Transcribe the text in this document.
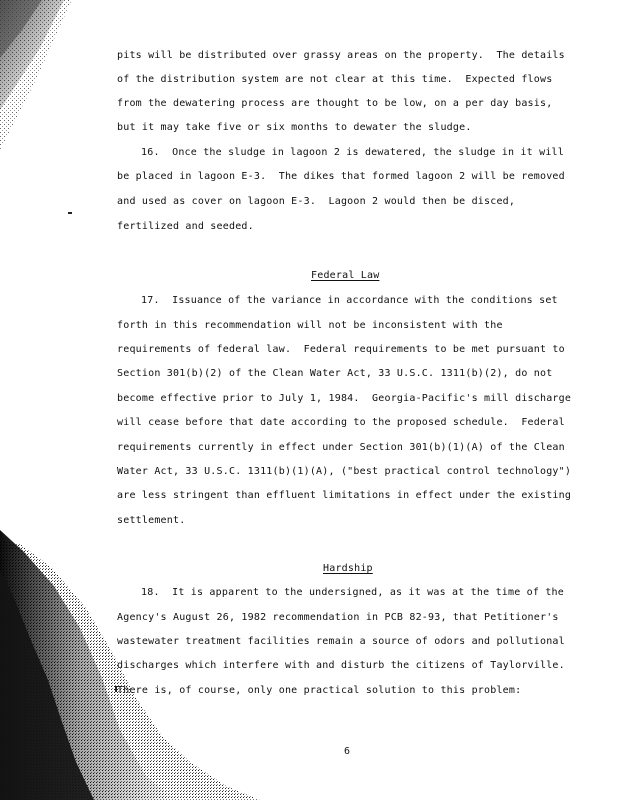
pits will be distributed over grassy areas on the property.  The details
of the distribution system are not clear at this time.  Expected flows
from the dewatering process are thought to be low, on a per day basis,
but it may take five or six months to dewater the sludge.
16.  Once the sludge in lagoon 2 is dewatered, the sludge in it will
be placed in lagoon E-3.  The dikes that formed lagoon 2 will be removed
and used as cover on lagoon E-3.  Lagoon 2 would then be disced,
fertilized and seeded.
Federal Law
17.  Issuance of the variance in accordance with the conditions set
forth in this recommendation will not be inconsistent with the
requirements of federal law.  Federal requirements to be met pursuant to
Section 301(b)(2) of the Clean Water Act, 33 U.S.C. 1311(b)(2), do not
become effective prior to July 1, 1984.  Georgia-Pacific's mill discharge
will cease before that date according to the proposed schedule.  Federal
requirements currently in effect under Section 301(b)(1)(A) of the Clean
Water Act, 33 U.S.C. 1311(b)(1)(A), ("best practical control technology")
are less stringent than effluent limitations in effect under the existing
settlement.
Hardship
18.  It is apparent to the undersigned, as it was at the time of the
Agency's August 26, 1982 recommendation in PCB 82-93, that Petitioner's
wastewater treatment facilities remain a source of odors and pollutional
discharges which interfere with and disturb the citizens of Taylorville.
There is, of course, only one practical solution to this problem:
6
